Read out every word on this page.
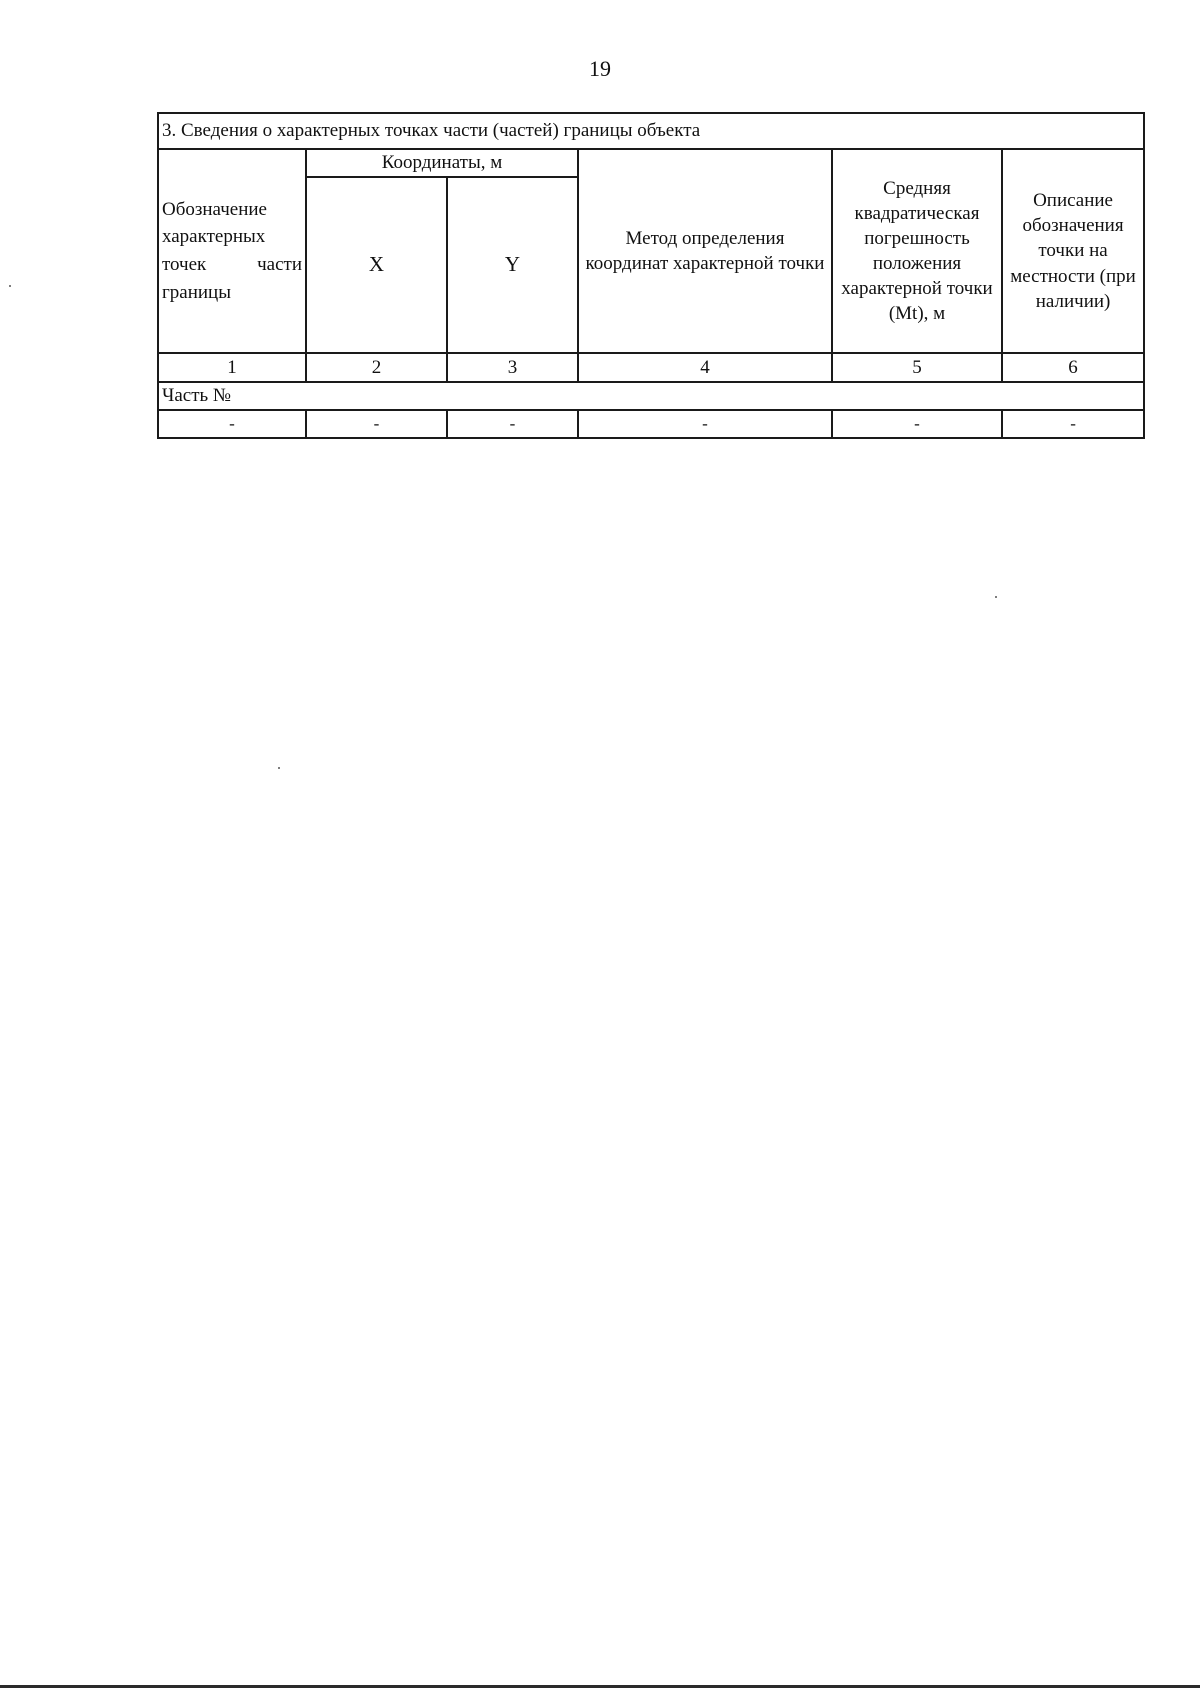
19
3. Сведения о характерных точках части (частей) границы объекта					
Обозначение характерных точек части границы	Координаты, м		Метод определения координат характерной точки	Средняя квадратическая погрешность положения характерной точки (Mt), м	Описание обозначения точки на местности (при наличии)
	X	Y			
1	2	3	4	5	6
Часть №					
-	-	-	-	-	-
